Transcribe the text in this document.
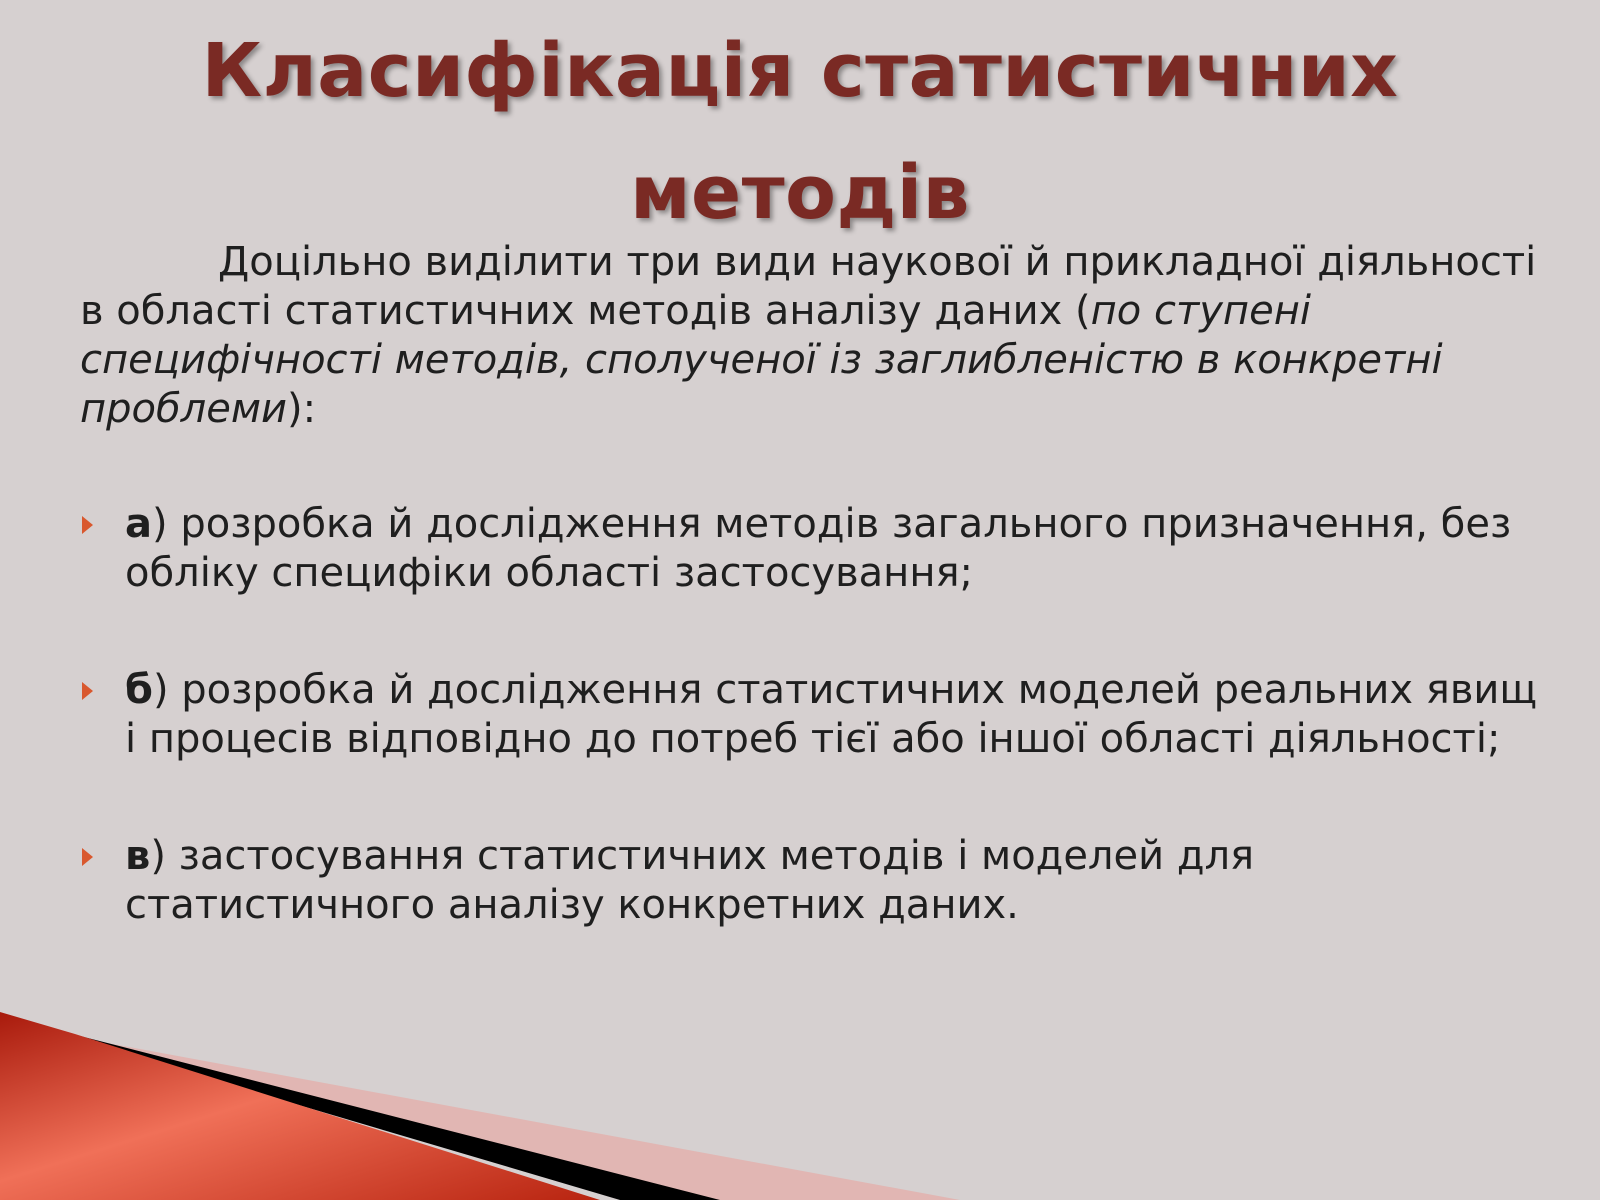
Класифікація статистичних
методів
Доцільно виділити три види наукової й прикладної діяльності в області статистичних методів аналізу даних (по ступені специфічності методів, сполученої із заглибленістю в конкретні проблеми):
а) розробка й дослідження методів загального призначення, без обліку специфіки області застосування;
б) розробка й дослідження статистичних моделей реальних явищ і процесів відповідно до потреб тієї або іншої області діяльності;
в) застосування статистичних методів і моделей для статистичного аналізу конкретних даних.
